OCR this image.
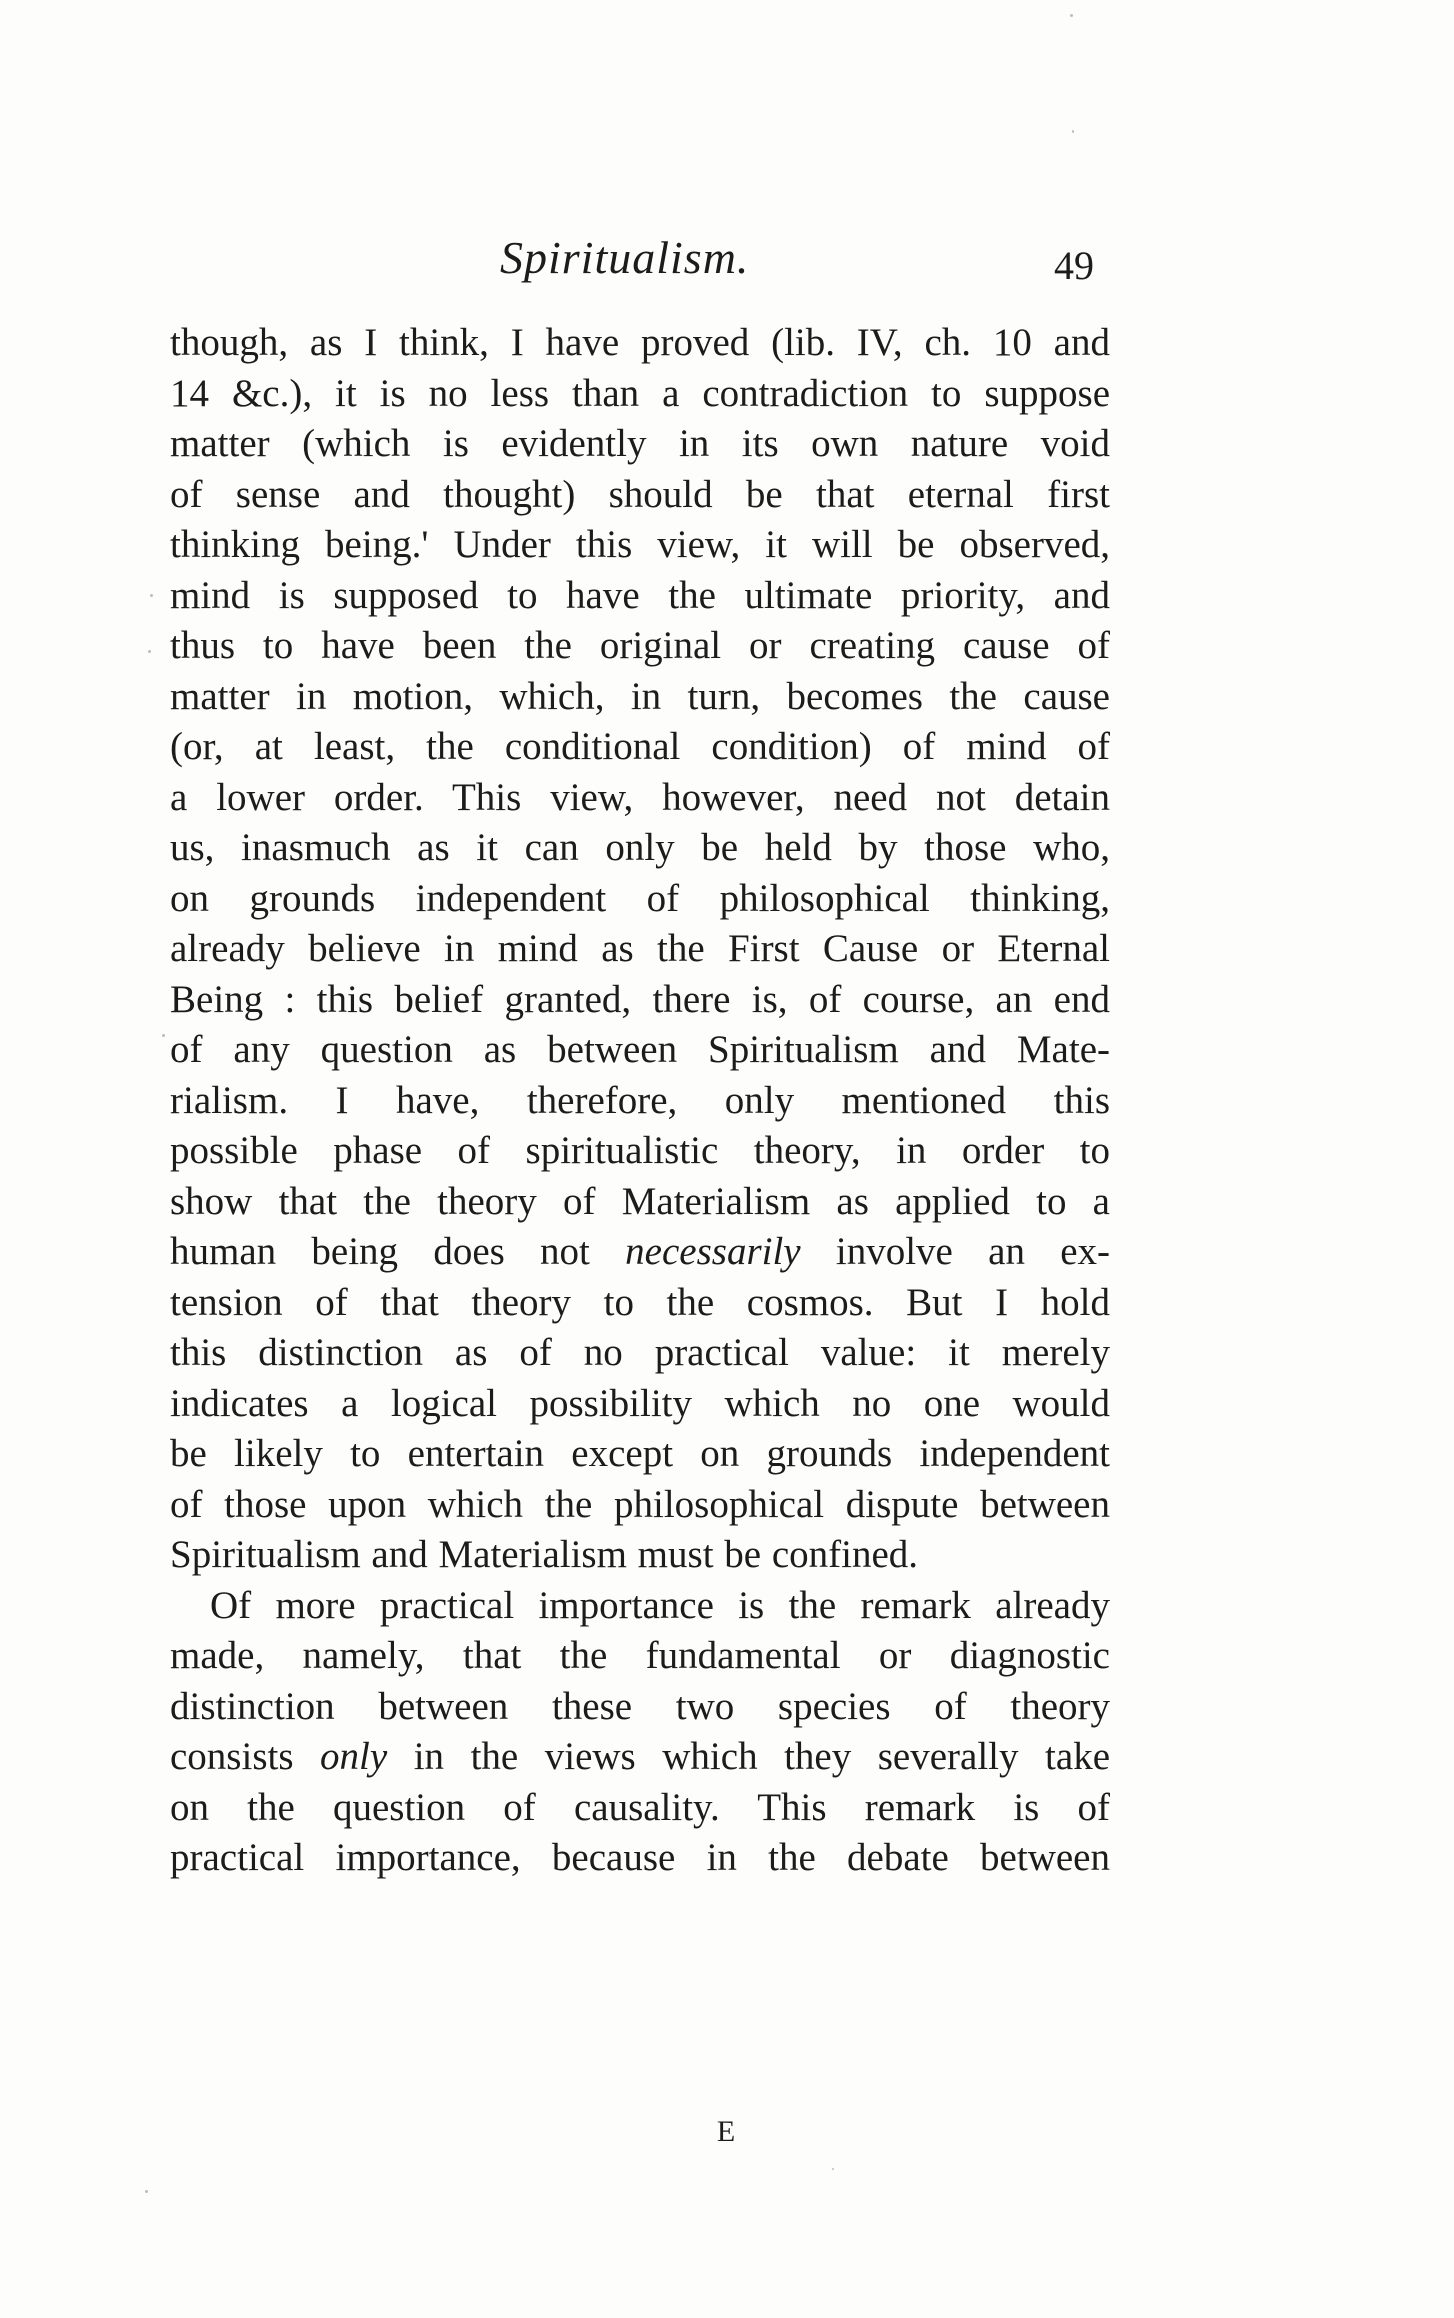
Spiritualism.	49
though, as I think, I have proved (lib. IV, ch. 10 and
14 &c.), it is no less than a contradiction to suppose
matter (which is evidently in its own nature void
of sense and thought) should be that eternal first
thinking being.' Under this view, it will be observed,
mind is supposed to have the ultimate priority, and
thus to have been the original or creating cause of
matter in motion, which, in turn, becomes the cause
(or, at least, the conditional condition) of mind of
a lower order. This view, however, need not detain
us, inasmuch as it can only be held by those who,
on grounds independent of philosophical thinking,
already believe in mind as the First Cause or Eternal
Being : this belief granted, there is, of course, an end
of any question as between Spiritualism and Mate-
rialism. I have, therefore, only mentioned this
possible phase of spiritualistic theory, in order to
show that the theory of Materialism as applied to a
human being does not necessarily involve an ex-
tension of that theory to the cosmos. But I hold
this distinction as of no practical value: it merely
indicates a logical possibility which no one would
be likely to entertain except on grounds independent
of those upon which the philosophical dispute between
Spiritualism and Materialism must be confined.
Of more practical importance is the remark already
made, namely, that the fundamental or diagnostic
distinction between these two species of theory
consists only in the views which they severally take
on the question of causality. This remark is of
practical importance, because in the debate between
E
